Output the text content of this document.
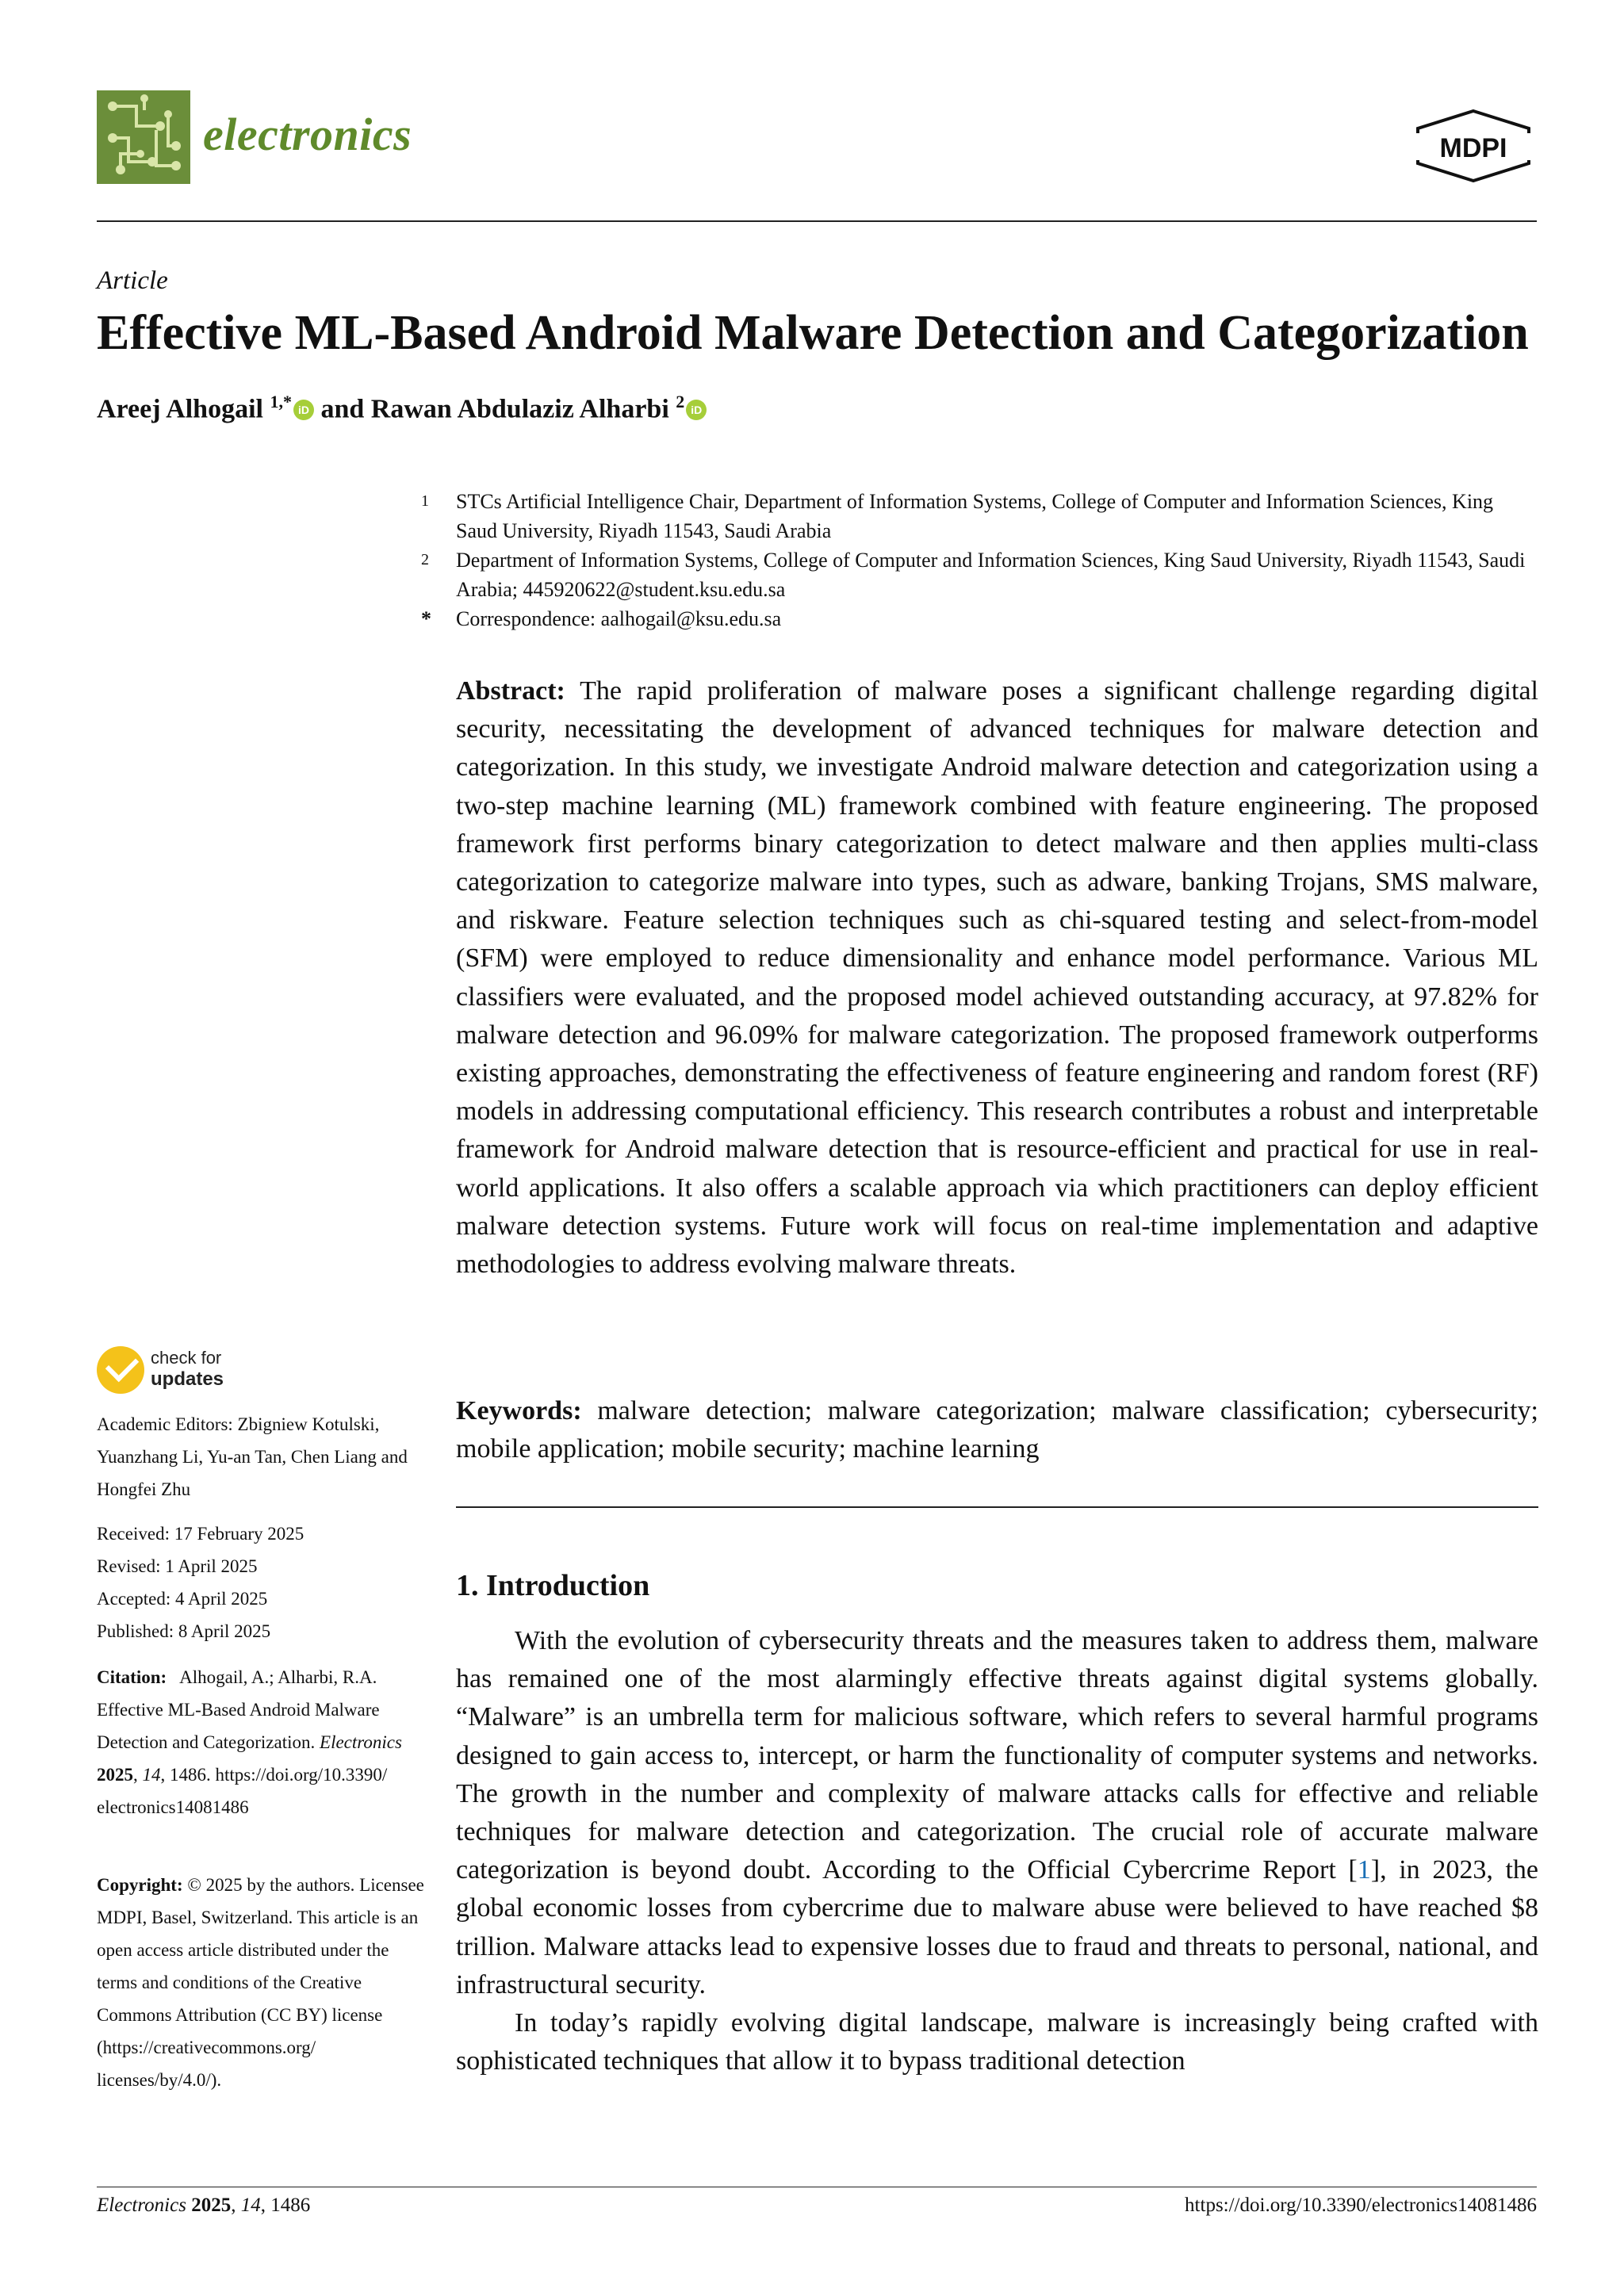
electronics	MDPI
Article
Effective ML-Based Android Malware Detection and Categorization
Areej Alhogail $^{1,*}$ iD and Rawan Abdulaziz Alharbi $^2$ iD
1 STCs Artificial Intelligence Chair, Department of Information Systems, College of Computer and Information Sciences, King Saud University, Riyadh 11543, Saudi Arabia
2 Department of Information Systems, College of Computer and Information Sciences, King Saud University, Riyadh 11543, Saudi Arabia; 445920622@student.ksu.edu.sa
* Correspondence: aalhogail@ksu.edu.sa
Abstract: The rapid proliferation of malware poses a significant challenge regarding digital security, necessitating the development of advanced techniques for malware detection and categorization. In this study, we investigate Android malware detection and categorization using a two-step machine learning (ML) framework combined with feature engineering. The proposed framework first performs binary categorization to detect malware and then applies multi-class categorization to categorize malware into types, such as adware, banking Trojans, SMS malware, and riskware. Feature selection techniques such as chi-squared testing and select-from-model (SFM) were employed to reduce dimensionality and enhance model performance. Various ML classifiers were evaluated, and the proposed model achieved outstanding accuracy, at 97.82% for malware detection and 96.09% for malware categorization. The proposed framework outperforms existing approaches, demonstrating the effectiveness of feature engineering and random forest (RF) models in addressing computational efficiency. This research contributes a robust and interpretable framework for Android malware detection that is resource-efficient and practical for use in real-world applications. It also offers a scalable approach via which practitioners can deploy efficient malware detection systems. Future work will focus on real-time implementation and adaptive methodologies to address evolving malware threats.
Keywords: malware detection; malware categorization; malware classification; cybersecurity; mobile application; mobile security; machine learning
1. Introduction

With the evolution of cybersecurity threats and the measures taken to address them, malware has remained one of the most alarmingly effective threats against digital systems globally. “Malware” is an umbrella term for malicious software, which refers to several harmful programs designed to gain access to, intercept, or harm the functionality of computer systems and networks. The growth in the number and complexity of malware attacks calls for effective and reliable techniques for malware detection and categorization. The crucial role of accurate malware categorization is beyond doubt. According to the Official Cybercrime Report [1], in 2023, the global economic losses from cybercrime due to malware abuse were believed to have reached $8 trillion. Malware attacks lead to expensive losses due to fraud and threats to personal, national, and infrastructural security.

In today’s rapidly evolving digital landscape, malware is increasingly being crafted with sophisticated techniques that allow it to bypass traditional detection

check for
updates
Academic Editors: Zbigniew Kotulski, Yuanzhang Li, Yu-an Tan, Chen Liang and Hongfei Zhu
Received: 17 February 2025
Revised: 1 April 2025
Accepted: 4 April 2025
Published: 8 April 2025
Citation: Alhogail, A.; Alharbi, R.A. Effective ML-Based Android Malware Detection and Categorization. Electronics 2025, 14, 1486. https://doi.org/10.3390/ electronics14081486
Copyright: © 2025 by the authors. Licensee MDPI, Basel, Switzerland. This article is an open access article distributed under the terms and conditions of the Creative Commons Attribution (CC BY) license (https://creativecommons.org/ licenses/by/4.0/).
Electronics 2025, 14, 1486	https://doi.org/10.3390/electronics14081486
